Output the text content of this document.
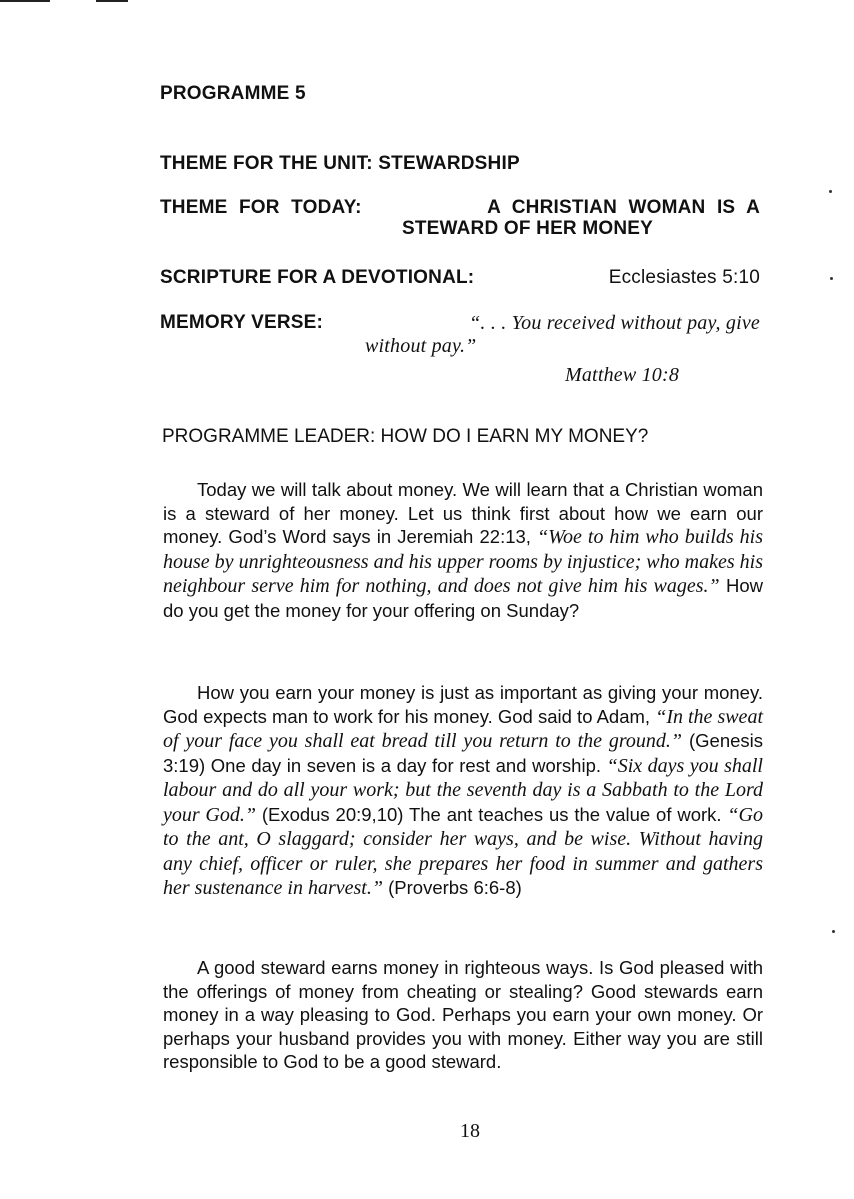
PROGRAMME 5
THEME FOR THE UNIT: STEWARDSHIP
THEME FOR TODAY:	A CHRISTIAN WOMAN IS A
STEWARD OF HER MONEY
SCRIPTURE FOR A DEVOTIONAL:	Ecclesiastes 5:10
MEMORY VERSE:	“. . . You received without pay, give
without pay.”
Matthew 10:8
PROGRAMME LEADER: HOW DO I EARN MY MONEY?
Today we will talk about money. We will learn that a Christian woman is a steward of her money. Let us think first about how we earn our money. God’s Word says in Jeremiah 22:13, “Woe to him who builds his house by unrighteousness and his upper rooms by injustice; who makes his neighbour serve him for nothing, and does not give him his wages.” How do you get the money for your offering on Sunday?
How you earn your money is just as important as giving your money. God expects man to work for his money. God said to Adam, “In the sweat of your face you shall eat bread till you return to the ground.” (Genesis 3:19) One day in seven is a day for rest and worship. “Six days you shall labour and do all your work; but the seventh day is a Sabbath to the Lord your God.” (Exodus 20:9,10) The ant teaches us the value of work. “Go to the ant, O slaggard; consider her ways, and be wise. Without having any chief, officer or ruler, she prepares her food in summer and gathers her sustenance in harvest.” (Proverbs 6:6-8)
A good steward earns money in righteous ways. Is God pleased with the offerings of money from cheating or stealing? Good stewards earn money in a way pleasing to God. Perhaps you earn your own money. Or perhaps your husband provides you with money. Either way you are still responsible to God to be a good steward.
18
